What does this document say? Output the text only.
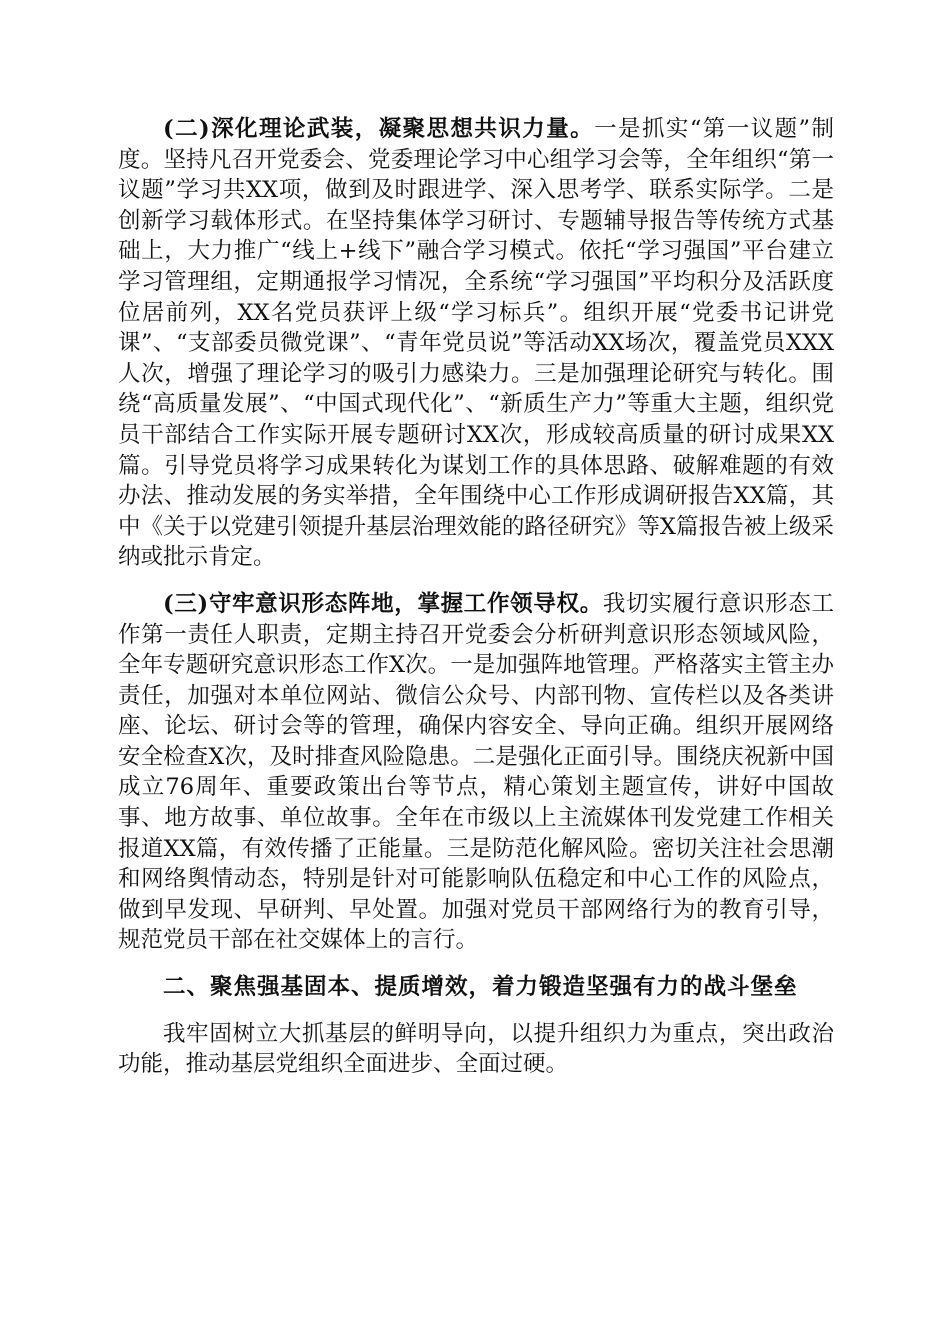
(二)深化理论武装，凝聚思想共识力量。一是抓实“第一议题”制度。坚持凡召开党委会、党委理论学习中心组学习会等，全年组织“第一议题”学习共XX项，做到及时跟进学、深入思考学、联系实际学。二是创新学习载体形式。在坚持集体学习研讨、专题辅导报告等传统方式基础上，大力推广“线上+线下”融合学习模式。依托“学习强国”平台建立学习管理组，定期通报学习情况，全系统“学习强国”平均积分及活跃度位居前列，XX名党员获评上级“学习标兵”。组织开展“党委书记讲党课”、“支部委员微党课”、“青年党员说”等活动XX场次，覆盖党员XXX人次，增强了理论学习的吸引力感染力。三是加强理论研究与转化。围绕“高质量发展”、“中国式现代化”、“新质生产力”等重大主题，组织党员干部结合工作实际开展专题研讨XX次，形成较高质量的研讨成果XX篇。引导党员将学习成果转化为谋划工作的具体思路、破解难题的有效办法、推动发展的务实举措，全年围绕中心工作形成调研报告XX篇，其中《关于以党建引领提升基层治理效能的路径研究》等X篇报告被上级采纳或批示肯定。

(三)守牢意识形态阵地，掌握工作领导权。我切实履行意识形态工作第一责任人职责，定期主持召开党委会分析研判意识形态领域风险，全年专题研究意识形态工作X次。一是加强阵地管理。严格落实主管主办责任，加强对本单位网站、微信公众号、内部刊物、宣传栏以及各类讲座、论坛、研讨会等的管理，确保内容安全、导向正确。组织开展网络安全检查X次，及时排查风险隐患。二是强化正面引导。围绕庆祝新中国成立76周年、重要政策出台等节点，精心策划主题宣传，讲好中国故事、地方故事、单位故事。全年在市级以上主流媒体刊发党建工作相关报道XX篇，有效传播了正能量。三是防范化解风险。密切关注社会思潮和网络舆情动态，特别是针对可能影响队伍稳定和中心工作的风险点，做到早发现、早研判、早处置。加强对党员干部网络行为的教育引导，规范党员干部在社交媒体上的言行。

二、聚焦强基固本、提质增效，着力锻造坚强有力的战斗堡垒

我牢固树立大抓基层的鲜明导向，以提升组织力为重点，突出政治功能，推动基层党组织全面进步、全面过硬。
